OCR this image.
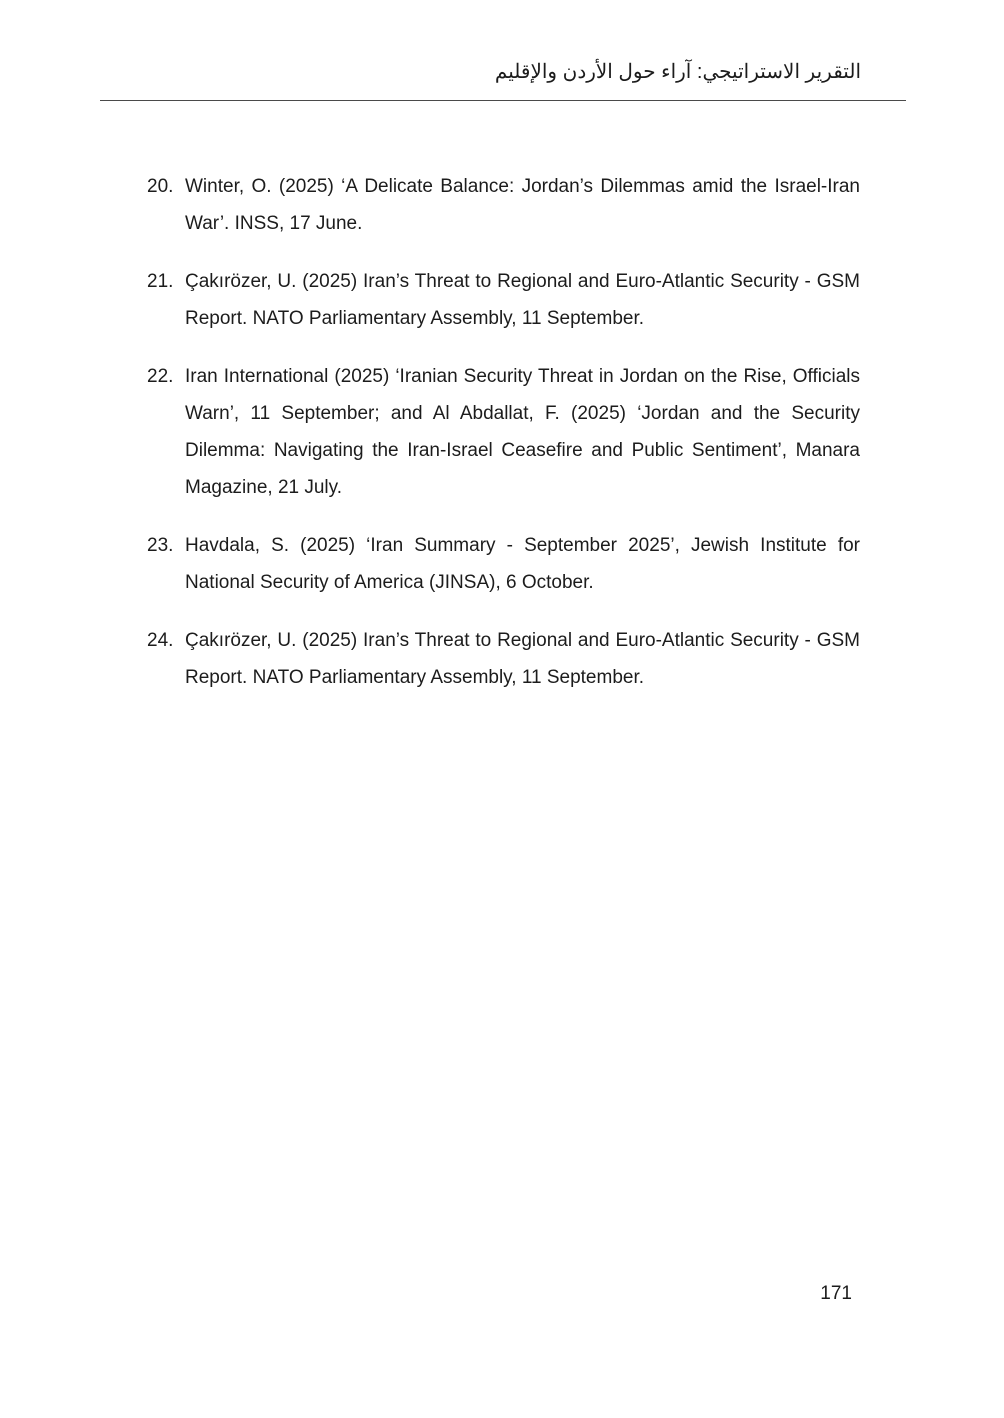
التقرير الاستراتيجي: آراء حول الأردن والإقليم
20. Winter, O. (2025) ‘A Delicate Balance: Jordan’s Dilemmas amid the Israel-Iran War’. INSS, 17 June.
21. Çakırözer, U. (2025) Iran’s Threat to Regional and Euro-Atlantic Security - GSM Report. NATO Parliamentary Assembly, 11 September.
22. Iran International (2025) ‘Iranian Security Threat in Jordan on the Rise, Officials Warn’, 11 September; and Al Abdallat, F. (2025) ‘Jordan and the Security Dilemma: Navigating the Iran-Israel Ceasefire and Public Sentiment’, Manara Magazine, 21 July.
23. Havdala, S. (2025) ‘Iran Summary - September 2025’, Jewish Institute for National Security of America (JINSA), 6 October.
24. Çakırözer, U. (2025) Iran’s Threat to Regional and Euro-Atlantic Security - GSM Report. NATO Parliamentary Assembly, 11 September.
171
